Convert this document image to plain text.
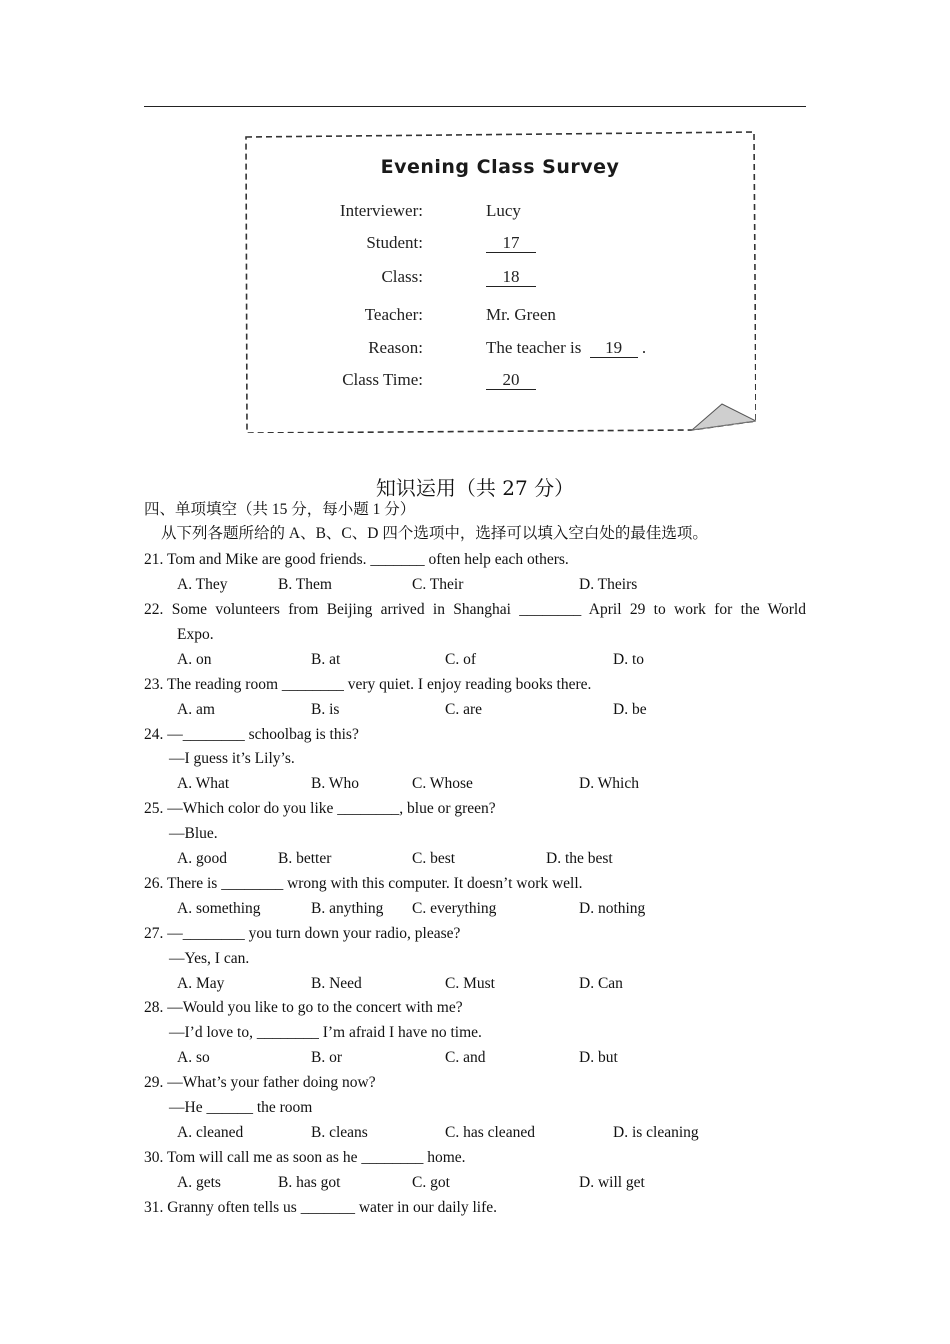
Evening Class Survey
Interviewer:	Lucy
Student:	17
Class:	18
Teacher:	Mr. Green
Reason:	The teacher is 19 .
Class Time:	20
知识运用（共 27 分）
四、单项填空（共 15 分，每小题 1 分）
从下列各题所给的 A、B、C、D 四个选项中，选择可以填入空白处的最佳选项。
21. Tom and Mike are good friends. _______ often help each others.
A. They	B. Them	C. Their	D. Theirs
22. Some volunteers from Beijing arrived in Shanghai ________ April 29 to work for the World
Expo.
A. on	B. at	C. of	D. to
23. The reading room ________ very quiet. I enjoy reading books there.
A. am	B. is	C. are	D. be
24. —________ schoolbag is this?
—I guess it’s Lily’s.
A. What	B. Who	C. Whose	D. Which
25. —Which color do you like ________, blue or green?
—Blue.
A. good	B. better	C. best	D. the best
26. There is ________ wrong with this computer. It doesn’t work well.
A. something	B. anything C. everything	D. nothing
27. —________ you turn down your radio, please?
—Yes, I can.
A. May	B. Need	C. Must	D. Can
28. —Would you like to go to the concert with me?
—I’d love to, ________ I’m afraid I have no time.
A. so	B. or	C. and	D. but
29. —What’s your father doing now?
—He ______ the room
A. cleaned	B. cleans	C. has cleaned	D. is cleaning
30. Tom will call me as soon as he ________ home.
A. gets	B. has got	C. got	D. will get
31. Granny often tells us _______ water in our daily life.
